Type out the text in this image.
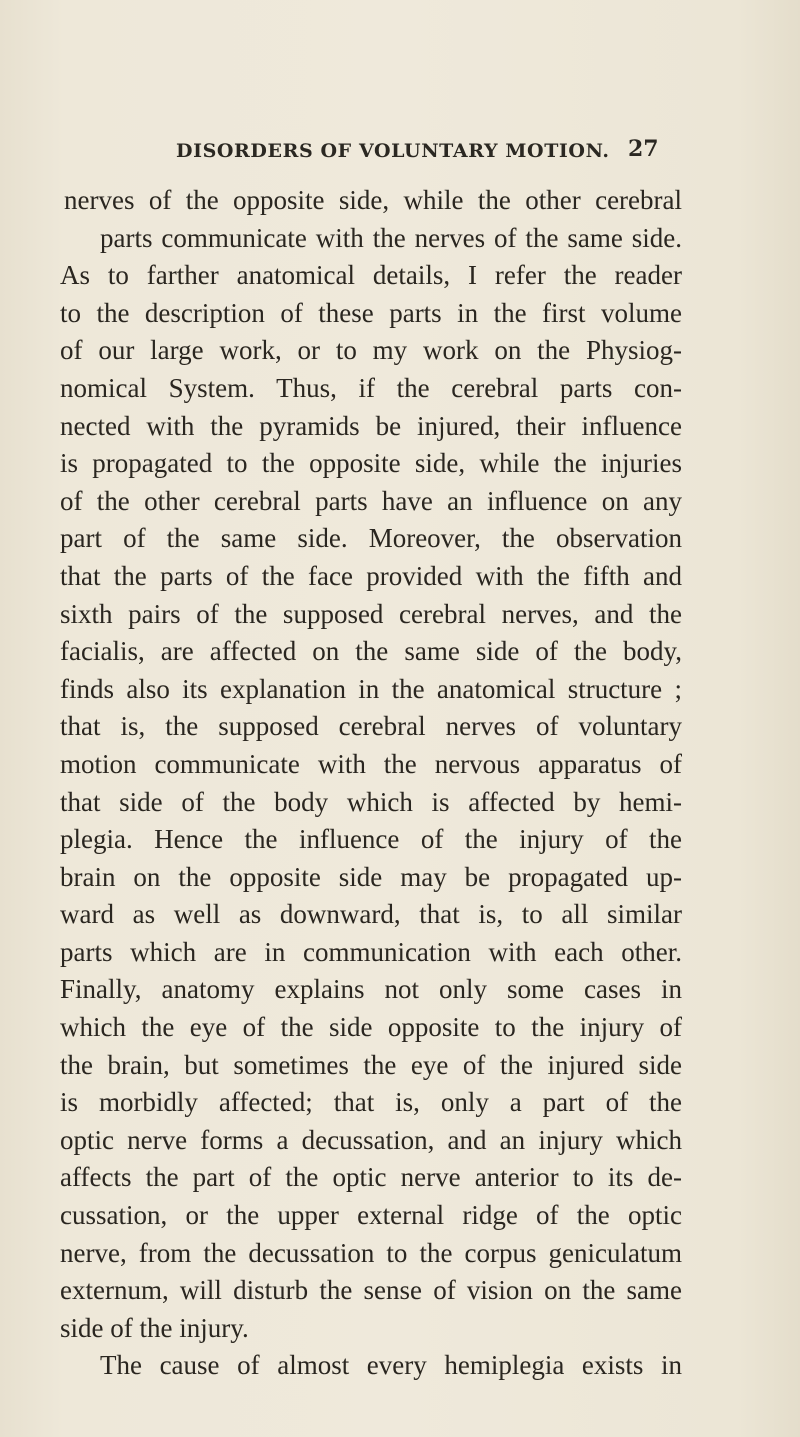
DISORDERS OF VOLUNTARY MOTION. 27
nerves of the opposite side, while the other cerebral
parts communicate with the nerves of the same side.
As to farther anatomical details, I refer the reader
to the description of these parts in the first volume
of our large work, or to my work on the Physiog-
nomical System. Thus, if the cerebral parts con-
nected with the pyramids be injured, their influence
is propagated to the opposite side, while the injuries
of the other cerebral parts have an influence on any
part of the same side. Moreover, the observation
that the parts of the face provided with the fifth and
sixth pairs of the supposed cerebral nerves, and the
facialis, are affected on the same side of the body,
finds also its explanation in the anatomical structure ;
that is, the supposed cerebral nerves of voluntary
motion communicate with the nervous apparatus of
that side of the body which is affected by hemi-
plegia. Hence the influence of the injury of the
brain on the opposite side may be propagated up-
ward as well as downward, that is, to all similar
parts which are in communication with each other.
Finally, anatomy explains not only some cases in
which the eye of the side opposite to the injury of
the brain, but sometimes the eye of the injured side
is morbidly affected; that is, only a part of the
optic nerve forms a decussation, and an injury which
affects the part of the optic nerve anterior to its de-
cussation, or the upper external ridge of the optic
nerve, from the decussation to the corpus geniculatum
externum, will disturb the sense of vision on the same
side of the injury.
The cause of almost every hemiplegia exists in
